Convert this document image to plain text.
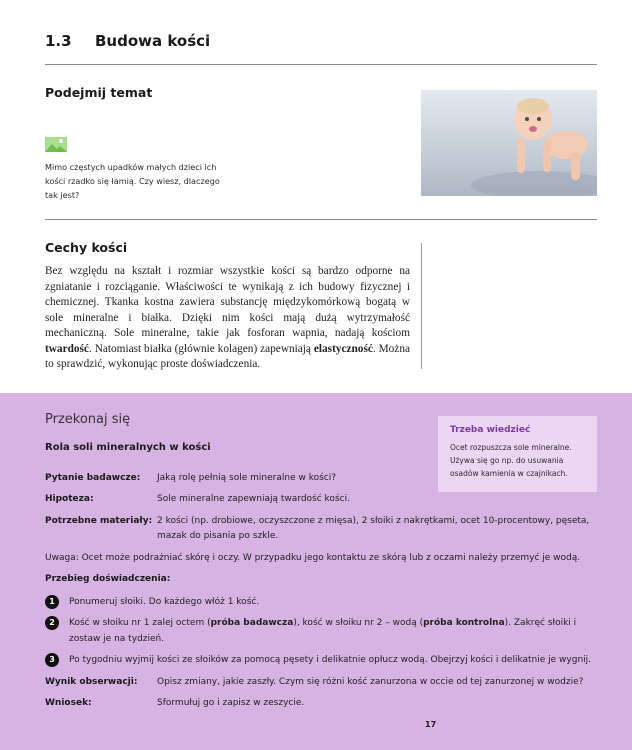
1.3	Budowa kości
Podejmij temat
Mimo częstych upadków małych dzieci ich kości rzadko się łamią. Czy wiesz, dlaczego tak jest?
Cechy kości
Bez względu na kształt i rozmiar wszystkie kości są bardzo odporne na zgniatanie i rozciąganie. Właściwości te wynikają z ich budowy fizycznej i chemicznej. Tkanka kostna zawiera substancję międzykomórkową bogatą w sole mineralne i białka. Dzięki nim kości mają dużą wytrzymałość mechaniczną. Sole mineralne, takie jak fosforan wapnia, nadają kościom twardość. Natomiast białka (głównie kolagen) zapewniają elastyczność. Można to sprawdzić, wykonując proste doświadczenia.
Przekonaj się
Rola soli mineralnych w kości
Trzeba wiedzieć
Ocet rozpuszcza sole mineralne. Używa się go np. do usuwania osadów kamienia w czajnikach.
Pytanie badawcze:	Jaką rolę pełnią sole mineralne w kości?
Hipoteza:	Sole mineralne zapewniają twardość kości.
Potrzebne materiały: 2 kości (np. drobiowe, oczyszczone z mięsa), 2 słoiki z nakrętkami, ocet 10-procentowy, pęseta, mazak do pisania po szkle.
Uwaga: Ocet może podrażniać skórę i oczy. W przypadku jego kontaktu ze skórą lub z oczami należy przemyć je wodą.
Przebieg doświadczenia:
1	Ponumeruj słoiki. Do każdego włóż 1 kość.
2	Kość w słoiku nr 1 zalej octem (próba badawcza), kość w słoiku nr 2 – wodą (próba kontrolna). Zakręć słoiki i zostaw je na tydzień.
3	Po tygodniu wyjmij kości ze słoików za pomocą pęsety i delikatnie opłucz wodą. Obejrzyj kości i delikatnie je wygnij.
Wynik obserwacji:	Opisz zmiany, jakie zaszły. Czym się różni kość zanurzona w occie od tej zanurzonej w wodzie?
Wniosek:	Sformułuj go i zapisz w zeszycie.
17
